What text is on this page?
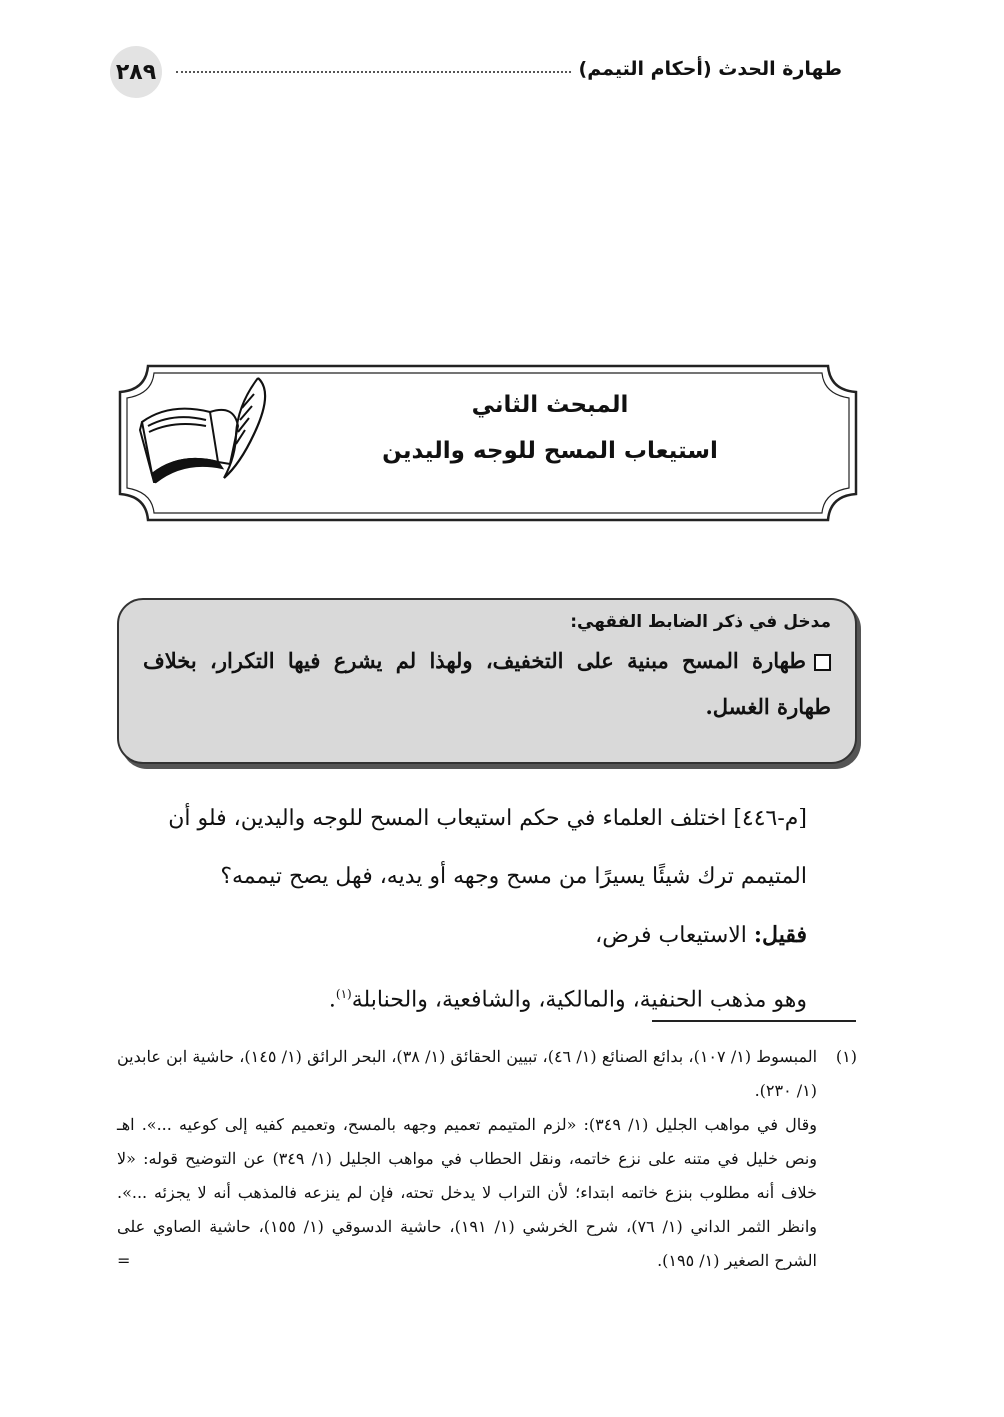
٢٨٩	طهارة الحدث (أحكام التيمم)
المبحث الثاني
استيعاب المسح للوجه واليدين
مدخل في ذكر الضابط الفقهي:
طهارة المسح مبنية على التخفيف، ولهذا لم يشرع فيها التكرار، بخلاف طهارة الغسل.

[م-٤٤٦] اختلف العلماء في حكم استيعاب المسح للوجه واليدين، فلو أن المتيمم ترك شيئًا يسيرًا من مسح وجهه أو يديه، فهل يصح تيممه؟

فقيل: الاستيعاب فرض،

وهو مذهب الحنفية، والمالكية، والشافعية، والحنابلة$^{(١)}$.

(١)
المبسوط (١/ ١٠٧)، بدائع الصنائع (١/ ٤٦)، تبيين الحقائق (١/ ٣٨)، البحر الرائق (١/ ١٤٥)، حاشية ابن عابدين (١/ ٢٣٠).
وقال في مواهب الجليل (١/ ٣٤٩): «لزم المتيمم تعميم وجهه بالمسح، وتعميم كفيه إلى كوعيه ...». اهـ ونص خليل في متنه على نزع خاتمه، ونقل الحطاب في مواهب الجليل (١/ ٣٤٩) عن التوضيح قوله: «لا خلاف أنه مطلوب بنزع خاتمه ابتداء؛ لأن التراب لا يدخل تحته، فإن لم ينزعه فالمذهب أنه لا يجزئه ...». وانظر الثمر الداني (١/ ٧٦)، شرح الخرشي (١/ ١٩١)، حاشية الدسوقي (١/ ١٥٥)، حاشية الصاوي على الشرح الصغير (١/ ١٩٥).
=
